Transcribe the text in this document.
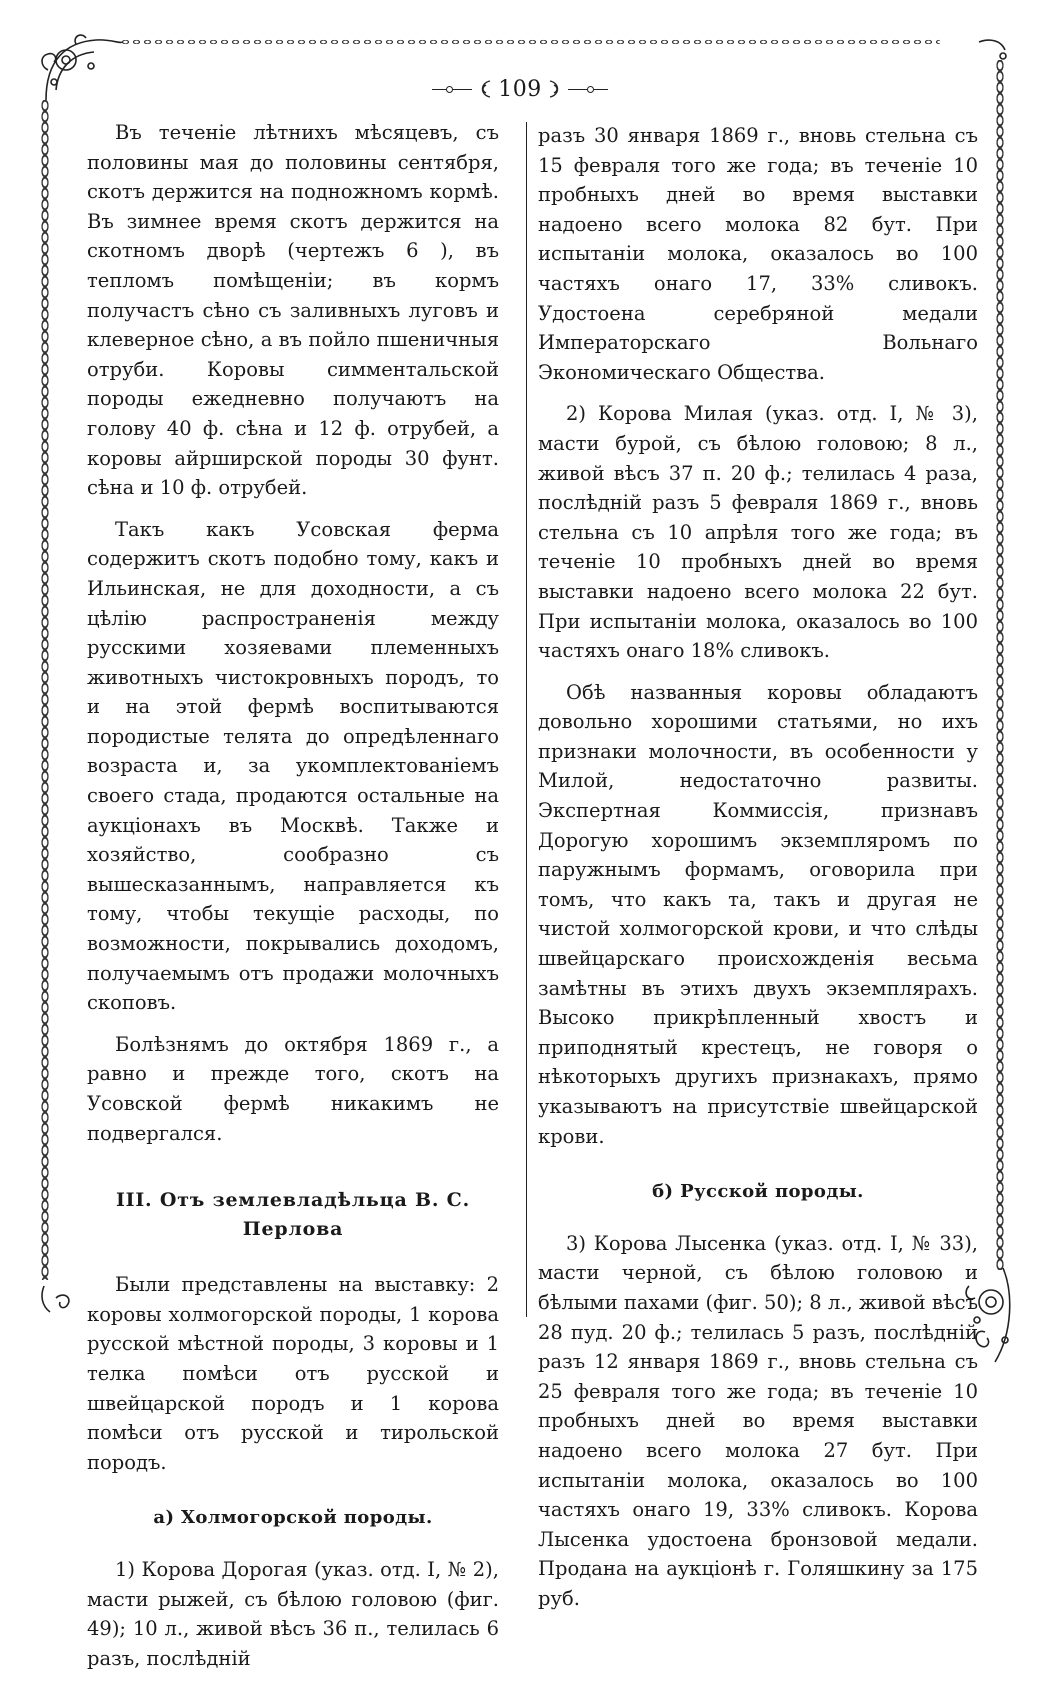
109

Въ теченіе лѣтнихъ мѣсяцевъ, съ половины мая до половины сентября, скотъ держится на подножномъ кормѣ. Въ зимнее время скотъ держится на скотномъ дворѣ (чертежъ 6 ), въ тепломъ помѣщеніи; въ кормъ получастъ сѣно съ заливныхъ луговъ и клеверное сѣно, а въ пойло пшеничныя отруби. Коровы симментальской породы ежедневно получаютъ на голову 40 ф. сѣна и 12 ф. отрубей, а коровы айрширской породы 30 фунт. сѣна и 10 ф. отрубей.

Такъ какъ Усовская ферма содержитъ скотъ подобно тому, какъ и Ильинская, не для доходности, а съ цѣлію распространенія между русскими хозяевами племенныхъ животныхъ чистокровныхъ породъ, то и на этой фермѣ воспитываются породистые телята до опредѣленнаго возраста и, за укомплектованіемъ своего стада, продаются остальные на аукціонахъ въ Москвѣ. Также и хозяйство, сообразно съ вышесказаннымъ, направляется къ тому, чтобы текущіе расходы, по возможности, покрывались доходомъ, получаемымъ отъ продажи молочныхъ скоповъ.

Болѣзнямъ до октября 1869 г., а равно и прежде того, скотъ на Усовской фермѣ никакимъ не подвергался.

III. Отъ землевладѣльца В. С. Перлова

Были представлены на выставку: 2 коровы холмогорской породы, 1 корова русской мѣстной породы, 3 коровы и 1 телка помѣси отъ русской и швейцарской породъ и 1 корова помѣси отъ русской и тирольской породъ.

а) Холмогорской породы.

1) Корова Дорогая (указ. отд. I, № 2), масти рыжей, съ бѣлою головою (фиг. 49); 10 л., живой вѣсъ 36 п., телилась 6 разъ, послѣдній

разъ 30 января 1869 г., вновь стельна съ 15 февраля того же года; въ теченіе 10 пробныхъ дней во время выставки надоено всего молока 82 бут. При испытаніи молока, оказалось во 100 частяхъ онаго 17, 33% сливокъ. Удостоена серебряной медали Императорскаго Вольнаго Экономическаго Общества.

2) Корова Милая (указ. отд. I, № 3), масти бурой, съ бѣлою головою; 8 л., живой вѣсъ 37 п. 20 ф.; телилась 4 раза, послѣдній разъ 5 февраля 1869 г., вновь стельна съ 10 апрѣля того же года; въ теченіе 10 пробныхъ дней во время выставки надоено всего молока 22 бут. При испытаніи молока, оказалось во 100 частяхъ онаго 18% сливокъ.

Обѣ названныя коровы обладаютъ довольно хорошими статьями, но ихъ признаки молочности, въ особенности у Милой, недостаточно развиты. Экспертная Коммиссія, признавъ Дорогую хорошимъ экземпляромъ по паружнымъ формамъ, оговорила при томъ, что какъ та, такъ и другая не чистой холмогорской крови, и что слѣды швейцарскаго происхожденія весьма замѣтны въ этихъ двухъ экземплярахъ. Высоко прикрѣпленный хвостъ и приподнятый крестецъ, не говоря о нѣкоторыхъ другихъ признакахъ, прямо указываютъ на присутствіе швейцарской крови.

б) Русской породы.

3) Корова Лысенка (указ. отд. I, № 33), масти черной, съ бѣлою головою и бѣлыми пахами (фиг. 50); 8 л., живой вѣсъ 28 пуд. 20 ф.; телилась 5 разъ, послѣдній разъ 12 января 1869 г., вновь стельна съ 25 февраля того же года; въ теченіе 10 пробныхъ дней во время выставки надоено всего молока 27 бут. При испытаніи молока, оказалось во 100 частяхъ онаго 19, 33% сливокъ. Корова Лысенка удостоена бронзовой медали. Продана на аукціонѣ г. Голяшкину за 175 руб.
